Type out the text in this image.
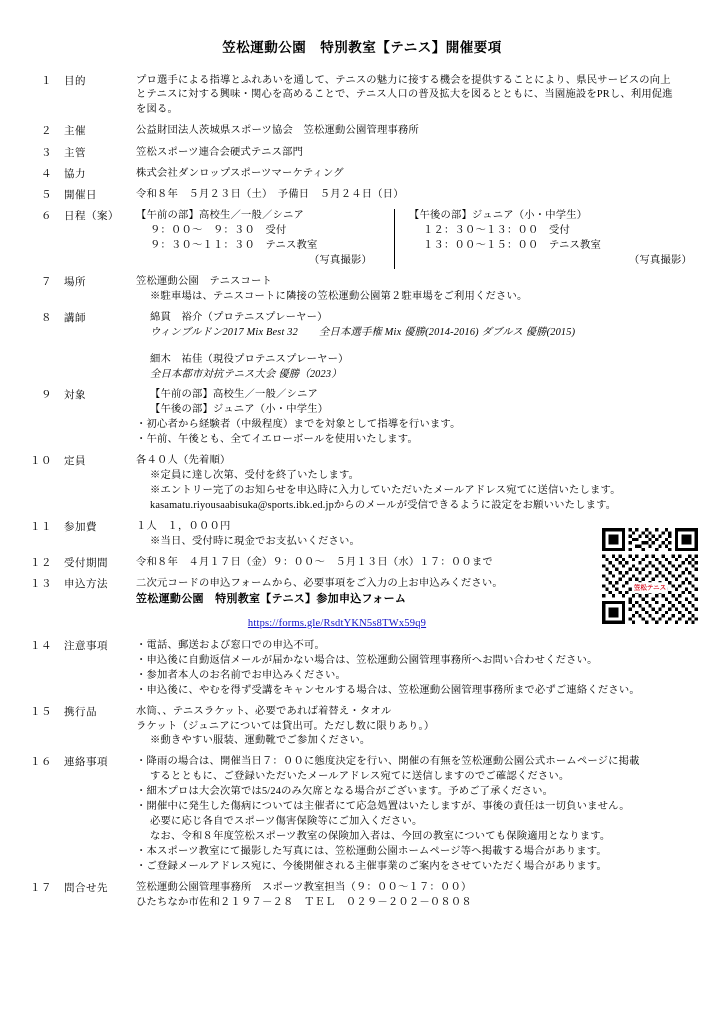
笠松運動公園　特別教室【テニス】開催要項
１	目的	プロ選手による指導とふれあいを通して、テニスの魅力に接する機会を提供することにより、県民サービスの向上

とテニスに対する興味・関心を高めることで、テニス人口の普及拡大を図るとともに、当園施設をPRし、利用促進

を図る。

２	主催	公益財団法人茨城県スポーツ協会　笠松運動公園管理事務所

３	主管	笠松スポーツ連合会硬式テニス部門

４	協力	株式会社ダンロップスポーツマーケティング

５	開催日	令和８年　５月２３日（土）　予備日　５月２４日（日）

６	日程（案）	【午前の部】高校生／一般／シニア

９：００～　９：３０　受付

９：３０～１１：３０　テニス教室

（写真撮影）

【午後の部】ジュニア（小・中学生）

１２：３０～１３：００　受付

１３：００～１５：００　テニス教室

（写真撮影）

７	場所	笠松運動公園　テニスコート

※駐車場は、テニスコートに隣接の笠松運動公園第２駐車場をご利用ください。

８	講師	綿貫　裕介（プロテニスプレーヤー）

ウィンブルドン2017 Mix Best 32　　全日本選手権 Mix 優勝(2014-2016) ダブルス 優勝(2015)

細木　祐佳（現役プロテニスプレーヤー）

全日本都市対抗テニス大会 優勝（2023）

９	対象	【午前の部】高校生／一般／シニア

【午後の部】ジュニア（小・中学生）

・初心者から経験者（中級程度）までを対象として指導を行います。

・午前、午後とも、全てイエローボールを使用いたします。

１０	定員	各４０人（先着順）

※定員に達し次第、受付を終了いたします。

※エントリー完了のお知らせを申込時に入力していただいたメールアドレス宛てに送信いたします。

kasamatu.riyousaabisuka@sports.ibk.ed.jpからのメールが受信できるように設定をお願いいたします。

１１	参加費	１人　１，０００円

※当日、受付時に現金でお支払いください。

１２	受付期間	令和８年　４月１７日（金）９：００～　５月１３日（水）１７：００まで

１３	申込方法	二次元コードの申込フォームから、必要事項をご入力の上お申込みください。

笠松運動公園　特別教室【テニス】参加申込フォーム

https://forms.gle/RsdtYKN5s8TWx59q9
笠松テニス
１４	注意事項	・電話、郵送および窓口での申込不可。

・申込後に自動返信メールが届かない場合は、笠松運動公園管理事務所へお問い合わせください。

・参加者本人のお名前でお申込みください。

・申込後に、やむを得ず受講をキャンセルする場合は、笠松運動公園管理事務所まで必ずご連絡ください。

１５	携行品	水筒、、テニスラケット、必要であれば着替え・タオル

ラケット（ジュニアについては貸出可。ただし数に限りあり。）

※動きやすい服装、運動靴でご参加ください。

１６	連絡事項	・降雨の場合は、開催当日７：００に態度決定を行い、開催の有無を笠松運動公園公式ホームページに掲載

するとともに、ご登録いただいたメールアドレス宛てに送信しますのでご確認ください。

・細木プロは大会次第では5/24のみ欠席となる場合がございます。予めご了承ください。

・開催中に発生した傷病については主催者にて応急処置はいたしますが、事後の責任は一切負いません。

必要に応じ各自でスポーツ傷害保険等にご加入ください。

なお、令和８年度笠松スポーツ教室の保険加入者は、今回の教室についても保険適用となります。

・本スポーツ教室にて撮影した写真には、笠松運動公園ホームページ等へ掲載する場合があります。

・ご登録メールアドレス宛に、今後開催される主催事業のご案内をさせていただく場合があります。

１７	問合せ先	笠松運動公園管理事務所　スポーツ教室担当（９：００～１７：００）

ひたちなか市佐和２１９７－２８　ＴＥＬ　０２９－２０２－０８０８
